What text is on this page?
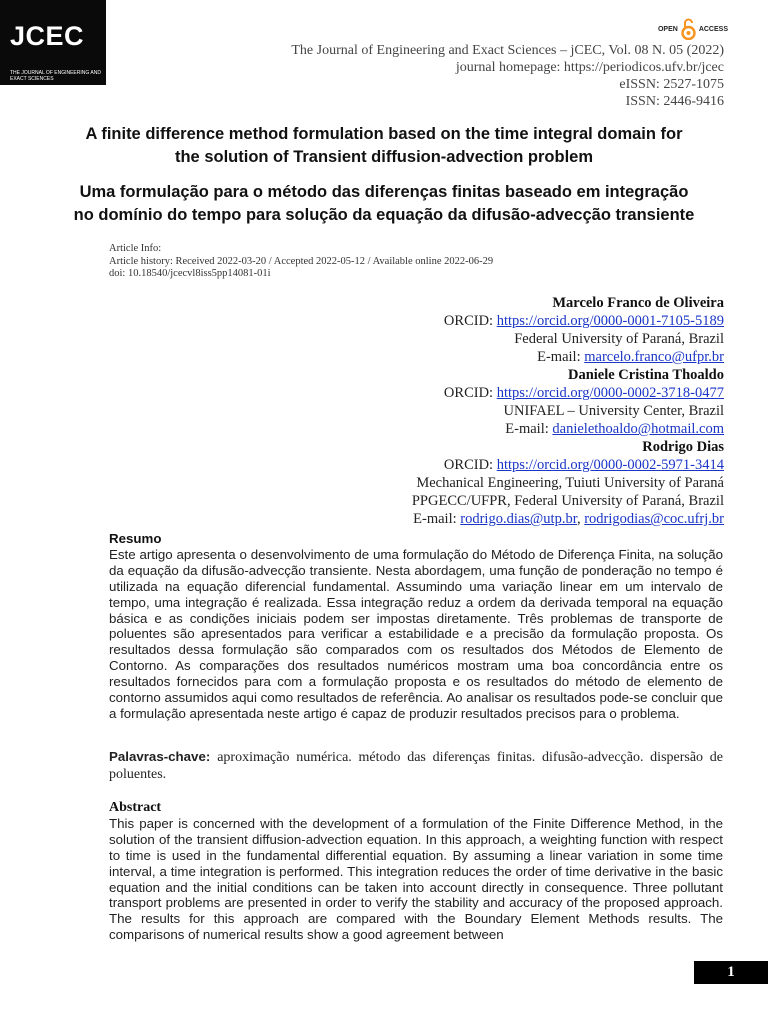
JCEC
THE JOURNAL OF ENGINEERING AND EXACT SCIENCES
OPEN	ACCESS
The Journal of Engineering and Exact Sciences – jCEC, Vol. 08 N. 05 (2022)
journal homepage: https://periodicos.ufv.br/jcec
eISSN: 2527-1075
ISSN: 2446-9416
A finite difference method formulation based on the time integral domain for
the solution of Transient diffusion-advection problem
Uma formulação para o método das diferenças finitas baseado em integração
no domínio do tempo para solução da equação da difusão-advecção transiente
Article Info:
Article history: Received 2022-03-20 / Accepted 2022-05-12 / Available online 2022-06-29
doi: 10.18540/jcecvl8iss5pp14081-01i
Marcelo Franco de Oliveira
ORCID: https://orcid.org/0000-0001-7105-5189
Federal University of Paraná, Brazil
E-mail: marcelo.franco@ufpr.br
Daniele Cristina Thoaldo
ORCID: https://orcid.org/0000-0002-3718-0477
UNIFAEL – University Center, Brazil
E-mail: danielethoaldo@hotmail.com
Rodrigo Dias
ORCID: https://orcid.org/0000-0002-5971-3414
Mechanical Engineering, Tuiuti University of Paraná
PPGECC/UFPR, Federal University of Paraná, Brazil
E-mail: rodrigo.dias@utp.br, rodrigodias@coc.ufrj.br
Resumo

Este artigo apresenta o desenvolvimento de uma formulação do Método de Diferença Finita, na solução da equação da difusão-advecção transiente. Nesta abordagem, uma função de ponderação no tempo é utilizada na equação diferencial fundamental. Assumindo uma variação linear em um intervalo de tempo, uma integração é realizada. Essa integração reduz a ordem da derivada temporal na equação básica e as condições iniciais podem ser impostas diretamente. Três problemas de transporte de poluentes são apresentados para verificar a estabilidade e a precisão da formulação proposta. Os resultados dessa formulação são comparados com os resultados dos Métodos de Elemento de Contorno. As comparações dos resultados numéricos mostram uma boa concordância entre os resultados fornecidos para com a formulação proposta e os resultados do método de elemento de contorno assumidos aqui como resultados de referência. Ao analisar os resultados pode-se concluir que a formulação apresentada neste artigo é capaz de produzir resultados precisos para o problema.

Palavras-chave: aproximação numérica. método das diferenças finitas. difusão-advecção. dispersão de poluentes.

Abstract

This paper is concerned with the development of a formulation of the Finite Difference Method, in the solution of the transient diffusion-advection equation. In this approach, a weighting function with respect to time is used in the fundamental differential equation. By assuming a linear variation in some time interval, a time integration is performed. This integration reduces the order of time derivative in the basic equation and the initial conditions can be taken into account directly in consequence. Three pollutant transport problems are presented in order to verify the stability and accuracy of the proposed approach. The results for this approach are compared with the Boundary Element Methods results. The comparisons of numerical results show a good agreement between

1
